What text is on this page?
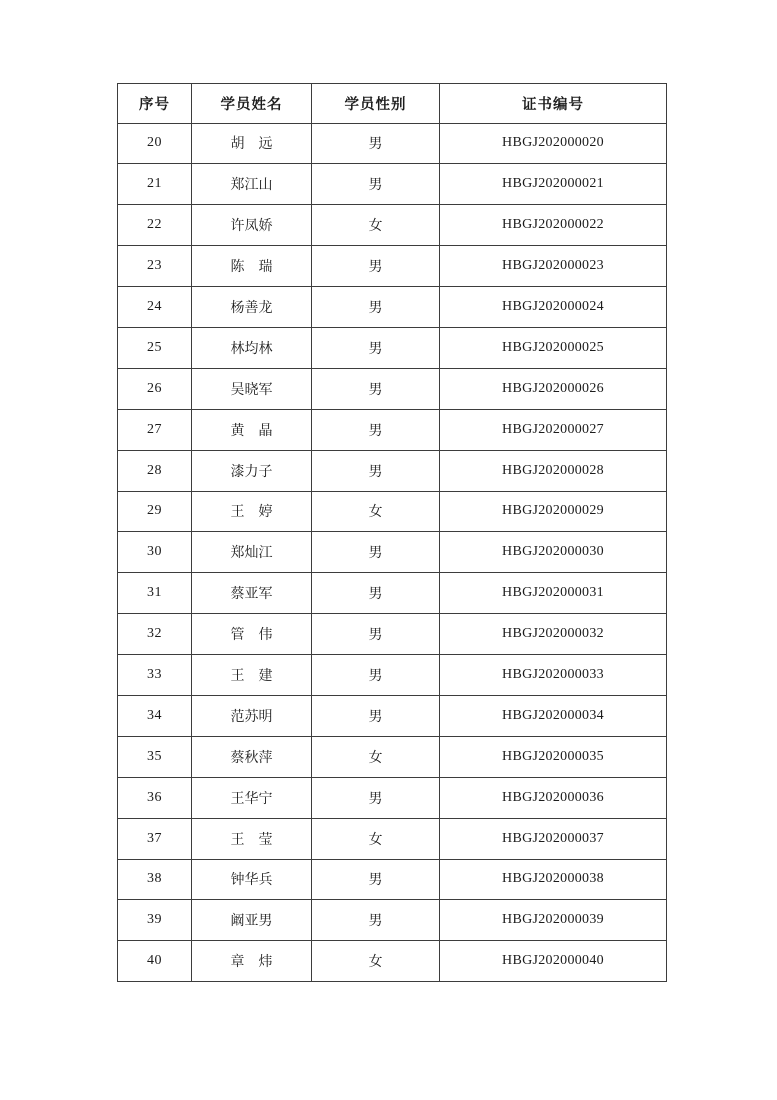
序号	学员姓名	学员性别	证书编号
20	胡　远	男	HBGJ202000020
21	郑江山	男	HBGJ202000021
22	许凤娇	女	HBGJ202000022
23	陈　瑞	男	HBGJ202000023
24	杨善龙	男	HBGJ202000024
25	林均林	男	HBGJ202000025
26	吴晓军	男	HBGJ202000026
27	黄　晶	男	HBGJ202000027
28	漆力子	男	HBGJ202000028
29	王　婷	女	HBGJ202000029
30	郑灿江	男	HBGJ202000030
31	蔡亚军	男	HBGJ202000031
32	管　伟	男	HBGJ202000032
33	王　建	男	HBGJ202000033
34	范苏明	男	HBGJ202000034
35	蔡秋萍	女	HBGJ202000035
36	王华宁	男	HBGJ202000036
37	王　莹	女	HBGJ202000037
38	钟华兵	男	HBGJ202000038
39	阚亚男	男	HBGJ202000039
40	章　炜	女	HBGJ202000040
